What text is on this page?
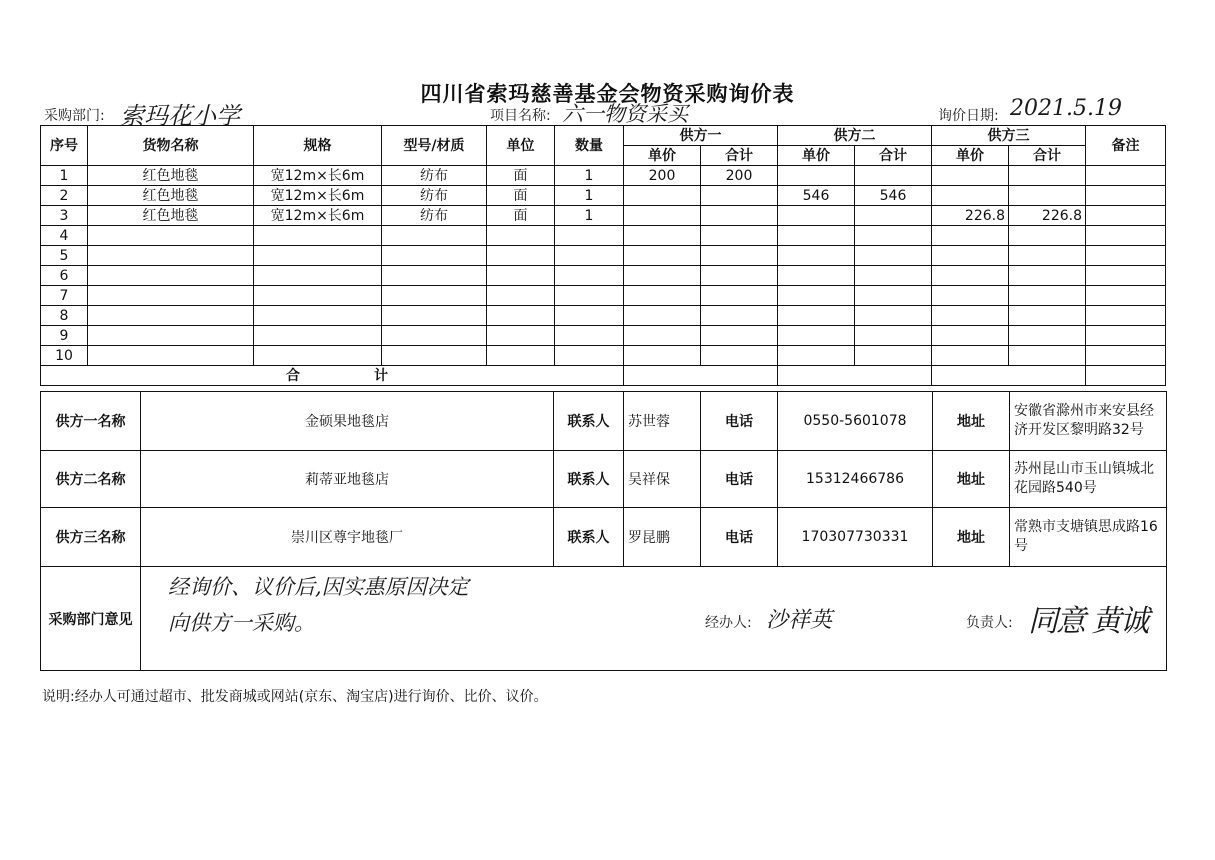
四川省索玛慈善基金会物资采购询价表
采购部门: 索玛花小学	项目名称: 六一物资采买	询价日期: 2021.5.19
序号	货物名称	规格	型号/材质	单位	数量	供方一		供方二		供方三		备注
						单价	合计	单价	合计	单价	合计	
1	红色地毯	宽12m×长6m	纺布	面	1	200	200					
2	红色地毯	宽12m×长6m	纺布	面	1			546	546			
3	红色地毯	宽12m×长6m	纺布	面	1					226.8	226.8	
4												
5												
6												
7												
8												
9												
10												
合 计												
供方一名称	金硕果地毯店	联系人	苏世蓉	电话	0550-5601078	地址	安徽省滁州市来安县经济开发区黎明路32号
供方二名称	莉蒂亚地毯店	联系人	吴祥保	电话	15312466786	地址	苏州昆山市玉山镇城北花园路540号
供方三名称	崇川区尊宇地毯厂	联系人	罗昆鹏	电话	170307730331	地址	常熟市支塘镇思成路16号
采购部门意见	
经询价、议价后,因实惠原因决定
向供方一采购。	经办人: 沙祥英	负责人: 同意 黄诚
说明:经办人可通过超市、批发商城或网站(京东、淘宝店)进行询价、比价、议价。
